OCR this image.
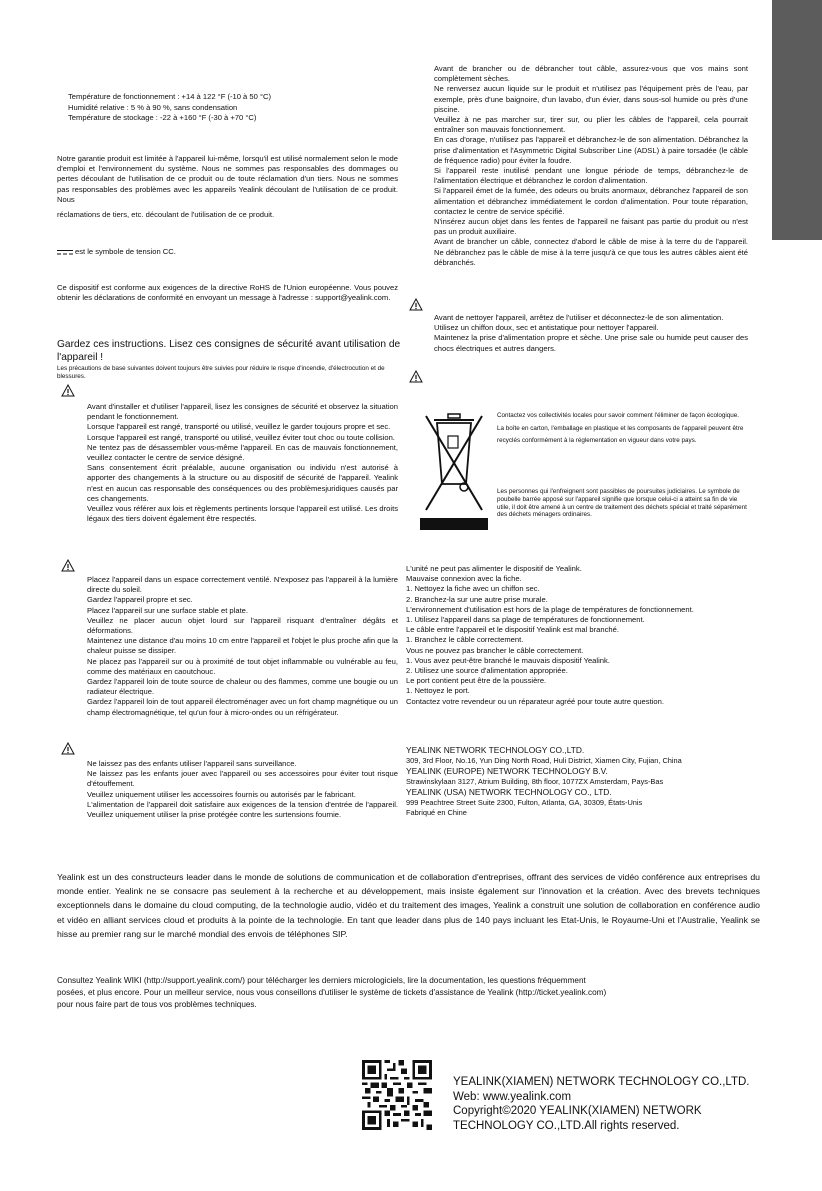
Température de fonctionnement : +14 à 122 °F (-10 à 50 °C)
Humidité relative : 5 % à 90 %, sans condensation
Température de stockage : -22 à +160 °F (-30 à +70 °C)
Notre garantie produit est limitée à l'appareil lui-même, lorsqu'il est utilisé normalement selon le mode d'emploi et l'environnement du système. Nous ne sommes pas responsables des dommages ou pertes découlant de l'utilisation de ce produit ou de toute réclamation d'un tiers. Nous ne sommes pas responsables des problèmes avec les appareils Yealink découlant de l'utilisation de ce produit. Nous
réclamations de tiers, etc. découlant de l'utilisation de ce produit.
est le symbole de tension CC.
Ce dispositif est conforme aux exigences de la directive RoHS de l'Union européenne. Vous pouvez obtenir les déclarations de conformité en envoyant un message à l'adresse : support@yealink.com.
Gardez ces instructions. Lisez ces consignes de sécurité avant utilisation de l'appareil !
Les précautions de base suivantes doivent toujours être suivies pour réduire le risque d'incendie, d'électrocution et de blessures.
Avant d'installer et d'utiliser l'appareil, lisez les consignes de sécurité et observez la situation pendant le fonctionnement.
Lorsque l'appareil est rangé, transporté ou utilisé, veuillez le garder toujours propre et sec.
Lorsque l'appareil est rangé, transporté ou utilisé, veuillez éviter tout choc ou toute collision.
Ne tentez pas de désassembler vous-même l'appareil. En cas de mauvais fonctionnement, veuillez contacter le centre de service désigné.
Sans consentement écrit préalable, aucune organisation ou individu n'est autorisé à apporter des changements à la structure ou au dispositif de sécurité de l'appareil. Yealink n'est en aucun cas responsable des conséquences ou des problèmesjuridiques causés par ces changements.
Veuillez vous référer aux lois et règlements pertinents lorsque l'appareil est utilisé. Les droits légaux des tiers doivent également être respectés.
Placez l'appareil dans un espace correctement ventilé. N'exposez pas l'appareil à la lumière directe du soleil.
Gardez l'appareil propre et sec.
Placez l'appareil sur une surface stable et plate.
Veuillez ne placer aucun objet lourd sur l'appareil risquant d'entraîner dégâts et déformations.
Maintenez une distance d'au moins 10 cm entre l'appareil et l'objet le plus proche afin que la chaleur puisse se dissiper.
Ne placez pas l'appareil sur ou à proximité de tout objet inflammable ou vulnérable au feu, comme des matériaux en caoutchouc.
Gardez l'appareil loin de toute source de chaleur ou des flammes, comme une bougie ou un radiateur électrique.
Gardez l'appareil loin de tout appareil électroménager avec un fort champ magnétique ou un champ électromagnétique, tel qu'un four à micro-ondes ou un réfrigérateur.
Ne laissez pas des enfants utiliser l'appareil sans surveillance.
Ne laissez pas les enfants jouer avec l'appareil ou ses accessoires pour éviter tout risque d'étouffement.
Veuillez uniquement utiliser les accessoires fournis ou autorisés par le fabricant.
L'alimentation de l'appareil doit satisfaire aux exigences de la tension d'entrée de l'appareil. Veuillez uniquement utiliser la prise protégée contre les surtensions fournie.
Avant de brancher ou de débrancher tout câble, assurez-vous que vos mains sont complètement sèches.
Ne renversez aucun liquide sur le produit et n'utilisez pas l'équipement près de l'eau, par exemple, près d'une baignoire, d'un lavabo, d'un évier, dans sous-sol humide ou près d'une piscine.
Veuillez à ne pas marcher sur, tirer sur, ou plier les câbles de l'appareil, cela pourrait entraîner son mauvais fonctionnement.
En cas d'orage, n'utilisez pas l'appareil et débranchez-le de son alimentation. Débranchez la prise d'alimentation et l'Asymmetric Digital Subscriber Line (ADSL) à paire torsadée (le câble de fréquence radio) pour éviter la foudre.
Si l'appareil reste inutilisé pendant une longue période de temps, débranchez-le de l'alimentation électrique et débranchez le cordon d'alimentation.
Si l'appareil émet de la fumée, des odeurs ou bruits anormaux, débranchez l'appareil de son alimentation et débranchez immédiatement le cordon d'alimentation. Pour toute réparation, contactez le centre de service spécifié.
N'insérez aucun objet dans les fentes de l'appareil ne faisant pas partie du produit ou n'est pas un produit auxiliaire.
Avant de brancher un câble, connectez d'abord le câble de mise à la terre du de l'appareil. Ne débranchez pas le câble de mise à la terre jusqu'à ce que tous les autres câbles aient été débranchés.
Avant de nettoyer l'appareil, arrêtez de l'utiliser et déconnectez-le de son alimentation.
Utilisez un chiffon doux, sec et antistatique pour nettoyer l'appareil.
Maintenez la prise d'alimentation propre et sèche. Une prise sale ou humide peut causer des chocs électriques et autres dangers.
Contactez vos collectivités locales pour savoir comment l'éliminer de façon écologique. La boîte en carton, l'emballage en plastique et les composants de l'appareil peuvent être recyclés conformément à la réglementation en vigueur dans votre pays.
Les personnes qui l'enfreignent sont passibles de poursuites judiciaires. Le symbole de poubelle barrée apposé sur l'appareil signifie que lorsque celui-ci a atteint sa fin de vie utile, il doit être amené à un centre de traitement des déchets spécial et traité séparément des déchets ménagers ordinaires.
L'unité ne peut pas alimenter le dispositif de Yealink.
Mauvaise connexion avec la fiche.
1. Nettoyez la fiche avec un chiffon sec.
2. Branchez-la sur une autre prise murale.
L'environnement d'utilisation est hors de la plage de températures de fonctionnement.
1. Utilisez l'appareil dans sa plage de températures de fonctionnement.
Le câble entre l'appareil et le dispositif Yealink est mal branché.
1. Branchez le câble correctement.
Vous ne pouvez pas brancher le câble correctement.
1. Vous avez peut-être branché le mauvais dispositif Yealink.
2. Utilisez une source d'alimentation appropriée.
Le port contient peut être de la poussière.
1. Nettoyez le port.
Contactez votre revendeur ou un réparateur agréé pour toute autre question.
YEALINK NETWORK TECHNOLOGY CO.,LTD.
309, 3rd Floor, No.16, Yun Ding North Road, Huli District, Xiamen City, Fujian, China
YEALINK (EUROPE) NETWORK TECHNOLOGY B.V.
Strawinskylaan 3127, Atrium Building, 8th floor, 1077ZX Amsterdam, Pays-Bas
YEALINK (USA) NETWORK TECHNOLOGY CO., LTD.
999 Peachtree Street Suite 2300, Fulton, Atlanta, GA, 30309, États-Unis
Fabriqué en Chine
Yealink est un des constructeurs leader dans le monde de solutions de communication et de collaboration d'entreprises, offrant des services de vidéo conférence aux entreprises du monde entier. Yealink ne se consacre pas seulement à la recherche et au développement, mais insiste également sur l'innovation et la création. Avec des brevets techniques exceptionnels dans le domaine du cloud computing, de la technologie audio, vidéo et du traitement des images, Yealink a construit une solution de collaboration en conférence audio et vidéo en alliant services cloud et produits à la pointe de la technologie. En tant que leader dans plus de 140 pays incluant les Etat-Unis, le Royaume-Uni et l'Australie, Yealink se hisse au premier rang sur le marché mondial des envois de téléphones SIP.
Consultez Yealink WIKI (http://support.yealink.com/) pour télécharger les derniers micrologiciels, lire la documentation, les questions fréquemment
posées, et plus encore. Pour un meilleur service, nous vous conseillons d'utiliser le système de tickets d'assistance de Yealink (http://ticket.yealink.com)
pour nous faire part de tous vos problèmes techniques.
YEALINK(XIAMEN) NETWORK TECHNOLOGY CO.,LTD.
Web: www.yealink.com
Copyright©2020 YEALINK(XIAMEN) NETWORK
TECHNOLOGY CO.,LTD.All rights reserved.
